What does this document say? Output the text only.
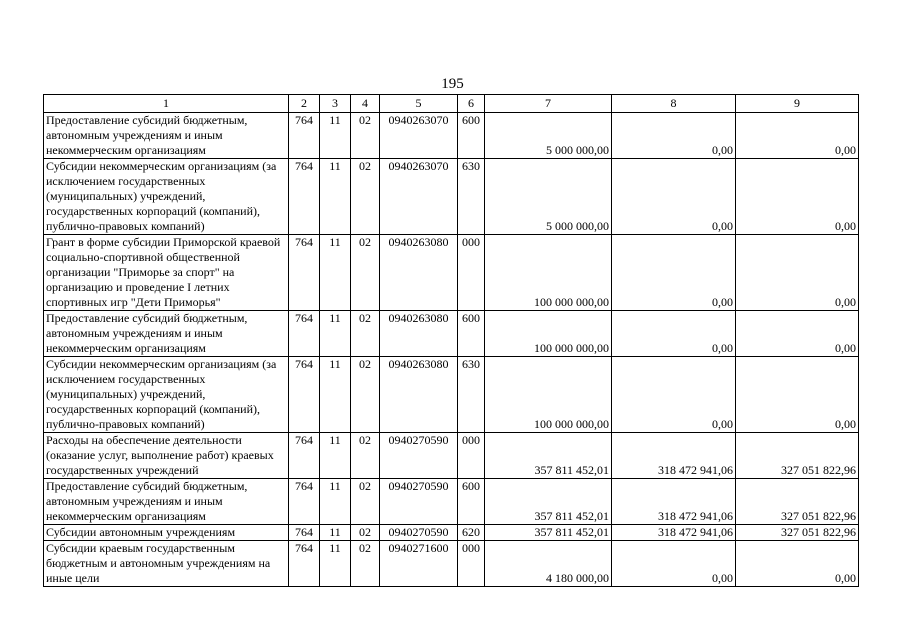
195
1	2	3	4	5	6	7	8	9
Предоставление субсидий бюджетным, автономным учреждениям и иным некоммерческим организациям	764	11	02	0940263070	600	5 000 000,00	0,00	0,00
Субсидии некоммерческим организациям (за исключением государственных (муниципальных) учреждений, государственных корпораций (компаний), публично-правовых компаний)	764	11	02	0940263070	630	5 000 000,00	0,00	0,00
Грант в форме субсидии Приморской краевой социально-спортивной общественной организации "Приморье за спорт" на организацию и проведение I летних спортивных игр "Дети Приморья"	764	11	02	0940263080	000	100 000 000,00	0,00	0,00
Предоставление субсидий бюджетным, автономным учреждениям и иным некоммерческим организациям	764	11	02	0940263080	600	100 000 000,00	0,00	0,00
Субсидии некоммерческим организациям (за исключением государственных (муниципальных) учреждений, государственных корпораций (компаний), публично-правовых компаний)	764	11	02	0940263080	630	100 000 000,00	0,00	0,00
Расходы на обеспечение деятельности (оказание услуг, выполнение работ) краевых государственных учреждений	764	11	02	0940270590	000	357 811 452,01	318 472 941,06	327 051 822,96
Предоставление субсидий бюджетным, автономным учреждениям и иным некоммерческим организациям	764	11	02	0940270590	600	357 811 452,01	318 472 941,06	327 051 822,96
Субсидии автономным учреждениям	764	11	02	0940270590	620	357 811 452,01	318 472 941,06	327 051 822,96
Субсидии краевым государственным бюджетным и автономным учреждениям на иные цели	764	11	02	0940271600	000	4 180 000,00	0,00	0,00
